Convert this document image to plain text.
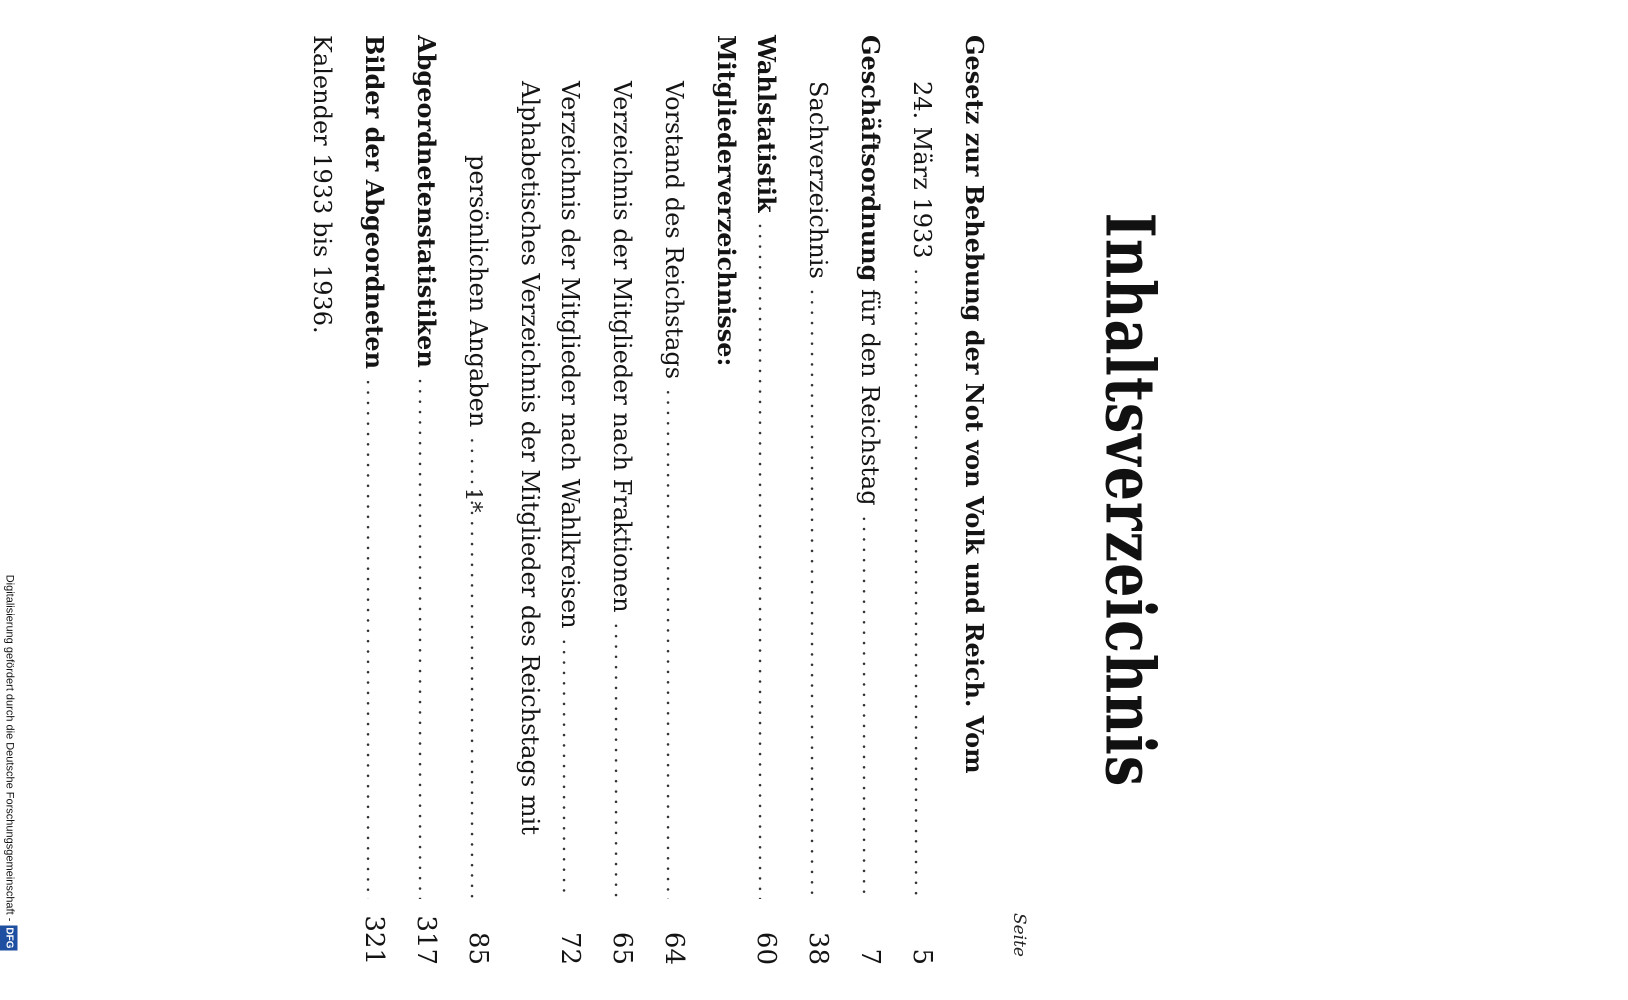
Inhaltsverzeichnis
Seite
Gesetz zur Behebung der Not von Volk und Reich. Vom
24. März 1933
.....
5
Geschäftsordnung für den Reichstag
.....
7
Sachverzeichnis
.....
38
Wahlstatistik
.....
60
Mitgliederverzeichnisse:
Vorstand des Reichstags
.....
64
Verzeichnis der Mitglieder nach Fraktionen
.....
65
Verzeichnis der Mitglieder nach Wahlkreisen
.....
72
Alphabetisches Verzeichnis der Mitglieder des Reichstags mit
persönlichen Angaben
.....
85
Abgeordnetenstatistiken
.....
317
Bilder der Abgeordneten
.....
321
Kalender 1933 bis 1936.
1*
Digitalisierung gefördert durch die Deutsche Forschungsgemeinschaft -DFG
